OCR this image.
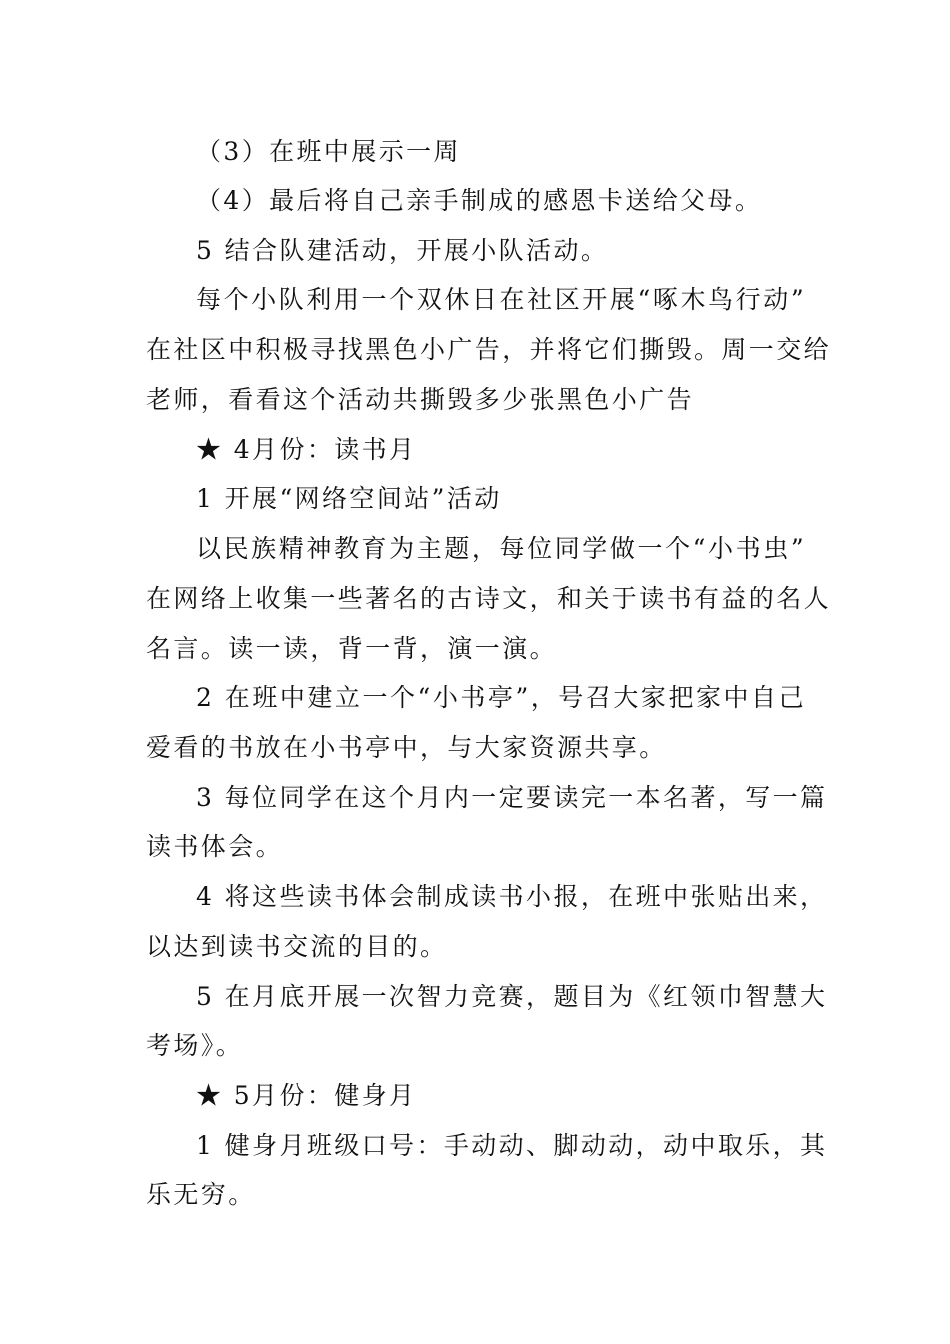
（3）在班中展示一周

（4）最后将自己亲手制成的感恩卡送给父母。

5 结合队建活动，开展小队活动。

每个小队利用一个双休日在社区开展“啄木鸟行动”

在社区中积极寻找黑色小广告，并将它们撕毁。周一交给

老师，看看这个活动共撕毁多少张黑色小广告

★ 4月份：读书月

1 开展“网络空间站”活动

以民族精神教育为主题，每位同学做一个“小书虫”

在网络上收集一些著名的古诗文，和关于读书有益的名人

名言。读一读，背一背，演一演。

2 在班中建立一个“小书亭”，号召大家把家中自己

爱看的书放在小书亭中，与大家资源共享。

3 每位同学在这个月内一定要读完一本名著，写一篇

读书体会。

4 将这些读书体会制成读书小报，在班中张贴出来，

以达到读书交流的目的。

5 在月底开展一次智力竞赛，题目为《红领巾智慧大

考场》。

★ 5月份：健身月

1 健身月班级口号：手动动、脚动动，动中取乐，其

乐无穷。
